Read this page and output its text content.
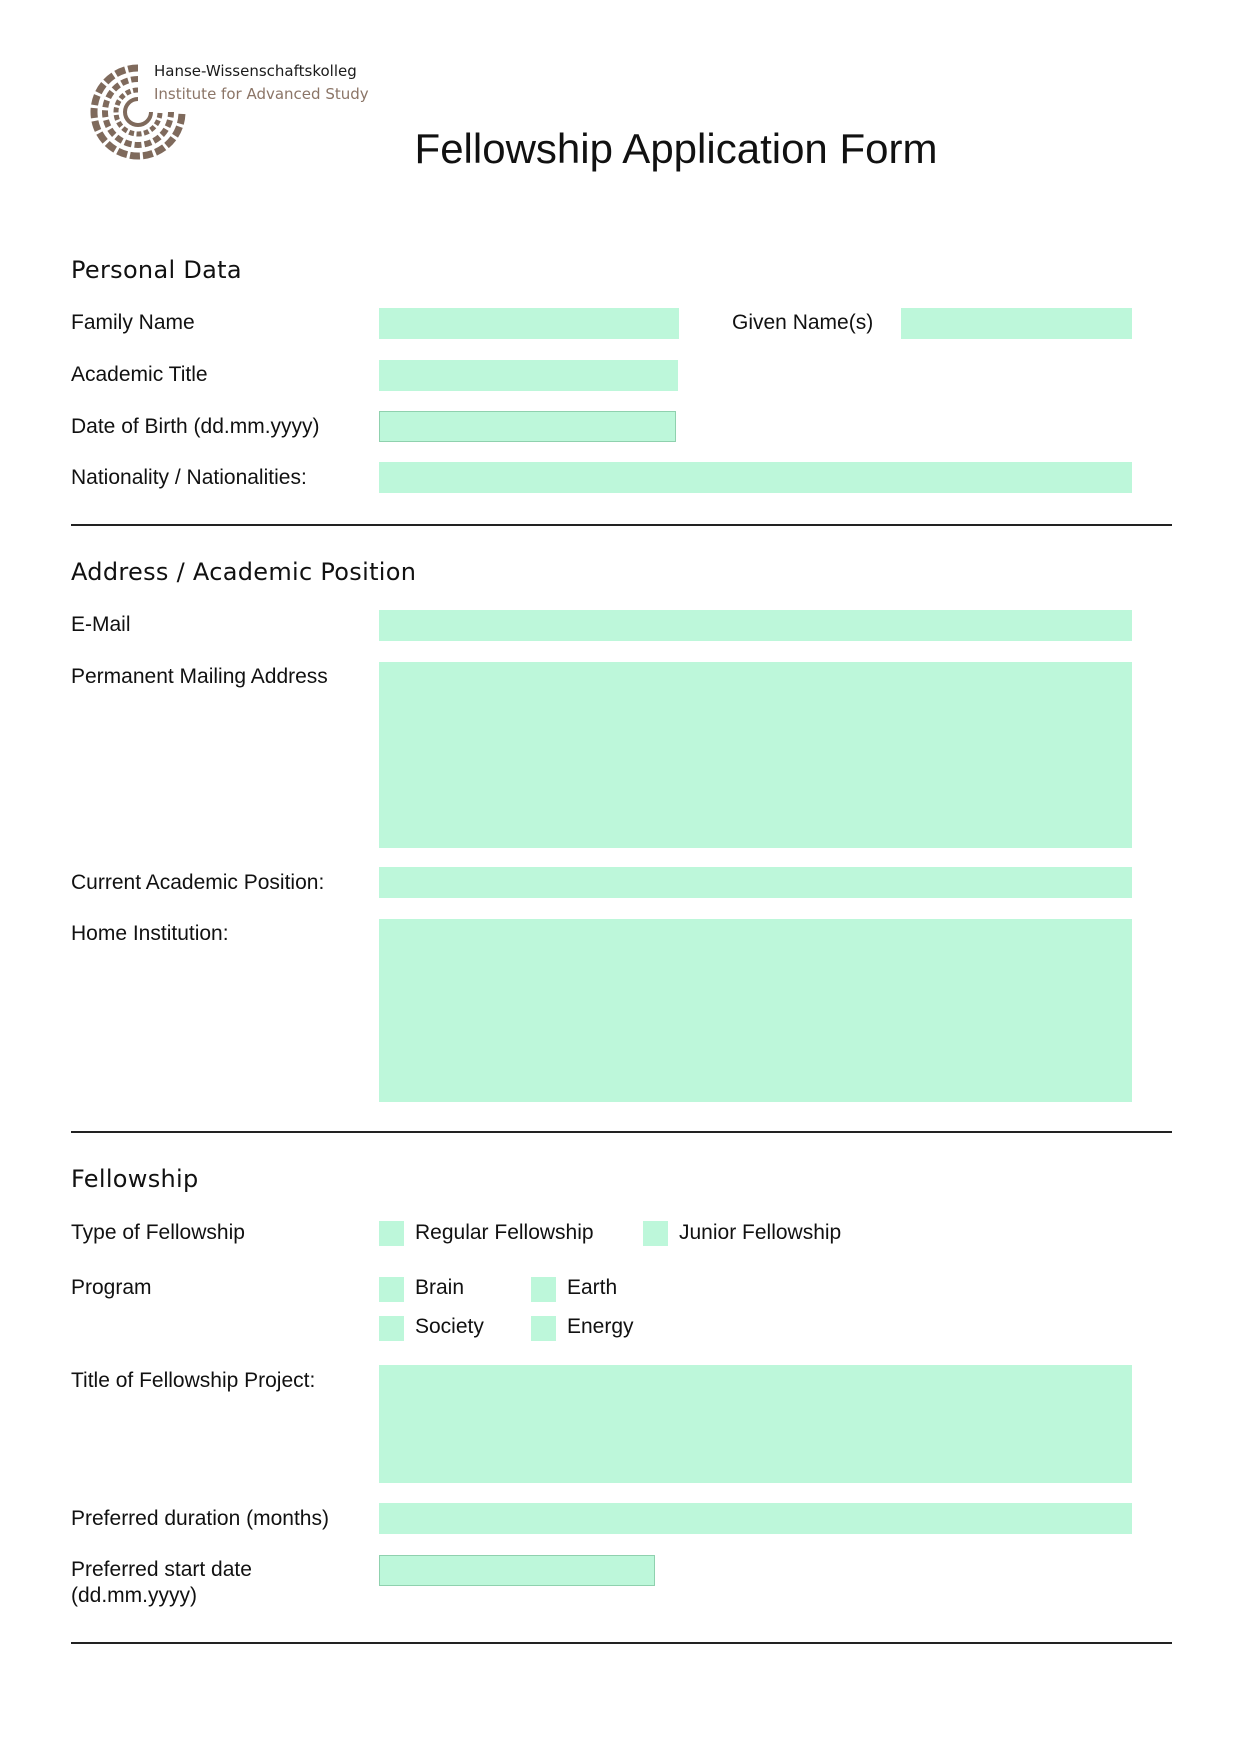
Hanse-Wissenschaftskolleg
Institute for Advanced Study
Fellowship Application Form
Personal Data
Family Name	Given Name(s)
Academic Title
Date of Birth (dd.mm.yyyy)
Nationality / Nationalities:
Address / Academic Position
E-Mail
Permanent Mailing Address
Current Academic Position:
Home Institution:
Fellowship
Type of Fellowship	Regular Fellowship	Junior Fellowship
Program	Brain	Earth
Society	Energy
Title of Fellowship Project:
Preferred duration (months)
Preferred start date
(dd.mm.yyyy)
